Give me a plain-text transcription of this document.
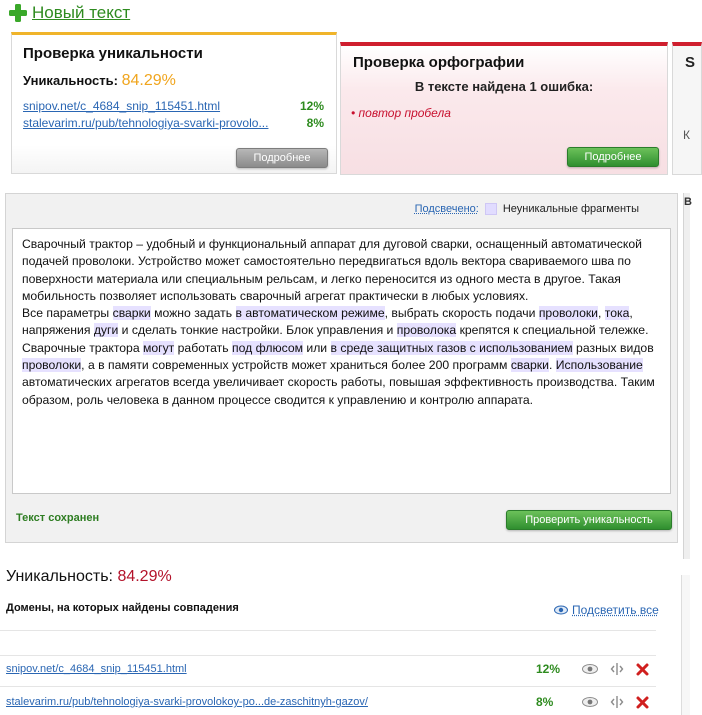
Новый текст
Проверка уникальности
Уникальность: 84.29%
snipov.net/c_4684_snip_115451.html	12%
stalevarim.ru/pub/tehnologiya-svarki-provolo...	8%
Подробнее
Проверка орфографии
В тексте найдена 1 ошибка:
• повтор пробела
Подробнее
S
К
Подсвечено: Неуникальные фрагменты
Сварочный трактор – удобный и функциональный аппарат для дуговой сварки, оснащенный автоматической подачей проволоки. Устройство может самостоятельно передвигаться вдоль вектора свариваемого шва по поверхности материала или специальным рельсам, и легко переносится из одного места в другое. Такая мобильность позволяет использовать сварочный агрегат практически в любых условиях.
Все параметры сварки можно задать в автоматическом режиме, выбрать скорость подачи проволоки, тока, напряжения дуги и сделать тонкие настройки. Блок управления и проволока крепятся к специальной тележке.
Сварочные трактора могут работать под флюсом или в среде защитных газов с использованием разных видов проволоки, а в памяти современных устройств может храниться более 200 программ сварки. Использование автоматических агрегатов всегда увеличивает скорость работы, повышая эффективность производства. Таким образом, роль человека в данном процессе сводится к управлению и контролю аппарата.
Текст сохранен	Проверить уникальность
В
Уникальность: 84.29%
Домены, на которых найдены совпадения	Подсветить все
snipov.net/c_4684_snip_115451.html	12%
stalevarim.ru/pub/tehnologiya-svarki-provolokoy-po...de-zaschitnyh-gazov/	8%
